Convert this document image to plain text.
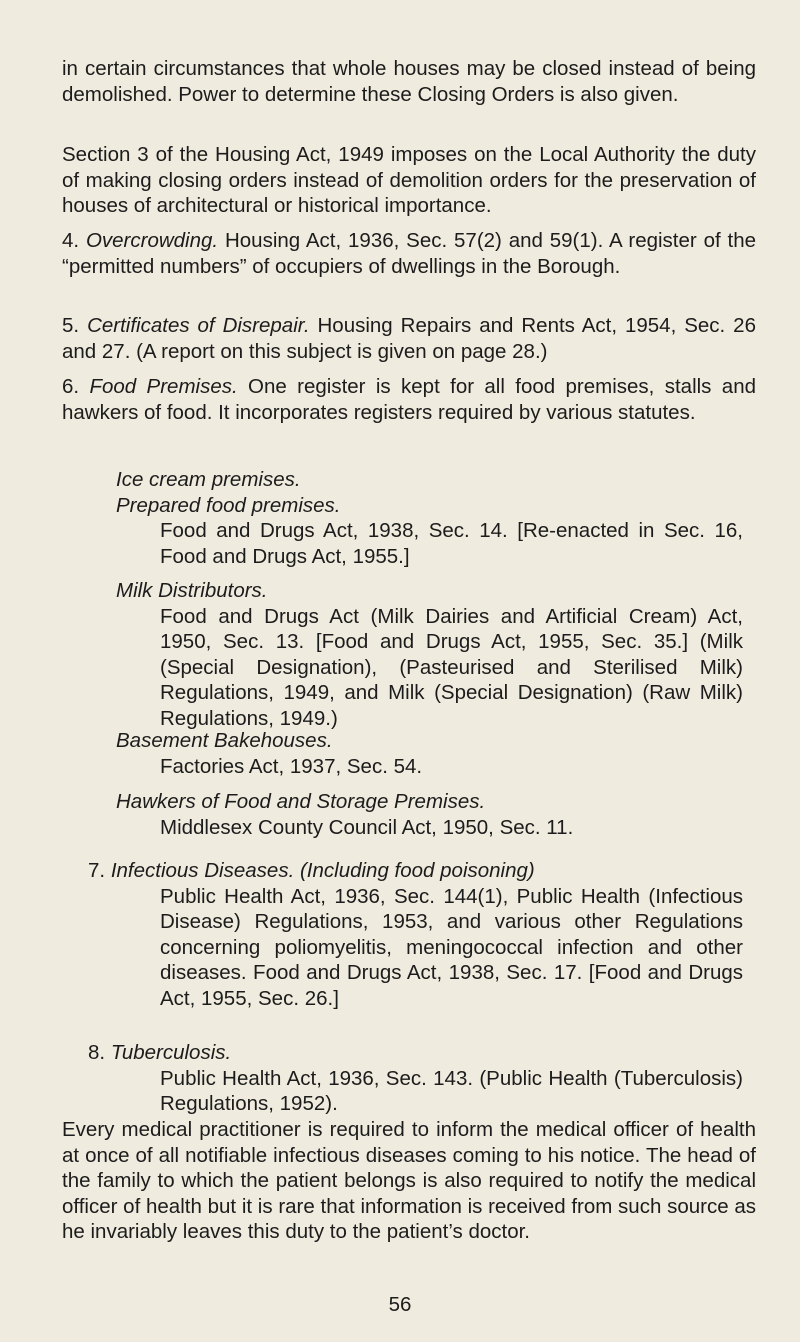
in certain circumstances that whole houses may be closed instead of being demolished. Power to determine these Closing Orders is also given.

Section 3 of the Housing Act, 1949 imposes on the Local Authority the duty of making closing orders instead of demolition orders for the preservation of houses of architectural or historical importance.

4. Overcrowding. Housing Act, 1936, Sec. 57(2) and 59(1). A register of the “permitted numbers” of occupiers of dwellings in the Borough.

5. Certificates of Disrepair. Housing Repairs and Rents Act, 1954, Sec. 26 and 27. (A report on this subject is given on page 28.)

6. Food Premises. One register is kept for all food premises, stalls and hawkers of food. It incorporates registers required by various statutes.

Ice cream premises.

Prepared food premises.

Food and Drugs Act, 1938, Sec. 14. [Re-enacted in Sec. 16, Food and Drugs Act, 1955.]

Milk Distributors.

Food and Drugs Act (Milk Dairies and Artificial Cream) Act, 1950, Sec. 13. [Food and Drugs Act, 1955, Sec. 35.] (Milk (Special Designation), (Pasteurised and Sterilised Milk) Regulations, 1949, and Milk (Special Designation) (Raw Milk) Regulations, 1949.)

Basement Bakehouses.

Factories Act, 1937, Sec. 54.

Hawkers of Food and Storage Premises.

Middlesex County Council Act, 1950, Sec. 11.

7. Infectious Diseases. (Including food poisoning)

Public Health Act, 1936, Sec. 144(1), Public Health (Infectious Disease) Regulations, 1953, and various other Regulations concerning poliomyelitis, meningococcal infection and other diseases. Food and Drugs Act, 1938, Sec. 17. [Food and Drugs Act, 1955, Sec. 26.]

8. Tuberculosis.

Public Health Act, 1936, Sec. 143. (Public Health (Tuberculosis) Regulations, 1952).

Every medical practitioner is required to inform the medical officer of health at once of all notifiable infectious diseases coming to his notice. The head of the family to which the patient belongs is also required to notify the medical officer of health but it is rare that information is received from such source as he invariably leaves this duty to the patient’s doctor.

56
